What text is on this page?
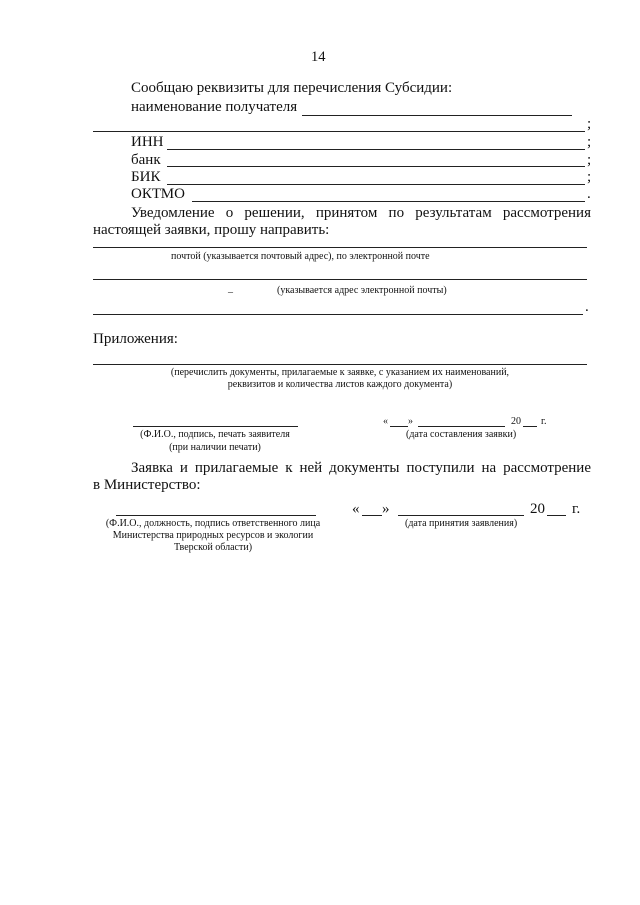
14
Сообщаю реквизиты для перечисления Субсидии:
наименование получателя
;
ИНН	;
банк	;
БИК	;
ОКТМО	.
Уведомление о решении, принятом по результатам рассмотрения
настоящей заявки, прошу направить:
почтой (указывается почтовый адрес), по электронной почте
–	(указывается адрес электронной почты)
.
Приложения:
(перечислить документы, прилагаемые к заявке, с указанием их наименований,
реквизитов и количества листов каждого документа)
(Ф.И.О., подпись, печать заявителя
(при наличии печати)
« »	20 г.
(дата составления заявки)
Заявка и прилагаемые к ней документы поступили на рассмотрение
в Министерство:
(Ф.И.О., должность, подпись ответственного лица
Министерства природных ресурсов и экологии
Тверской области)
« »	20 г.
(дата принятия заявления)
